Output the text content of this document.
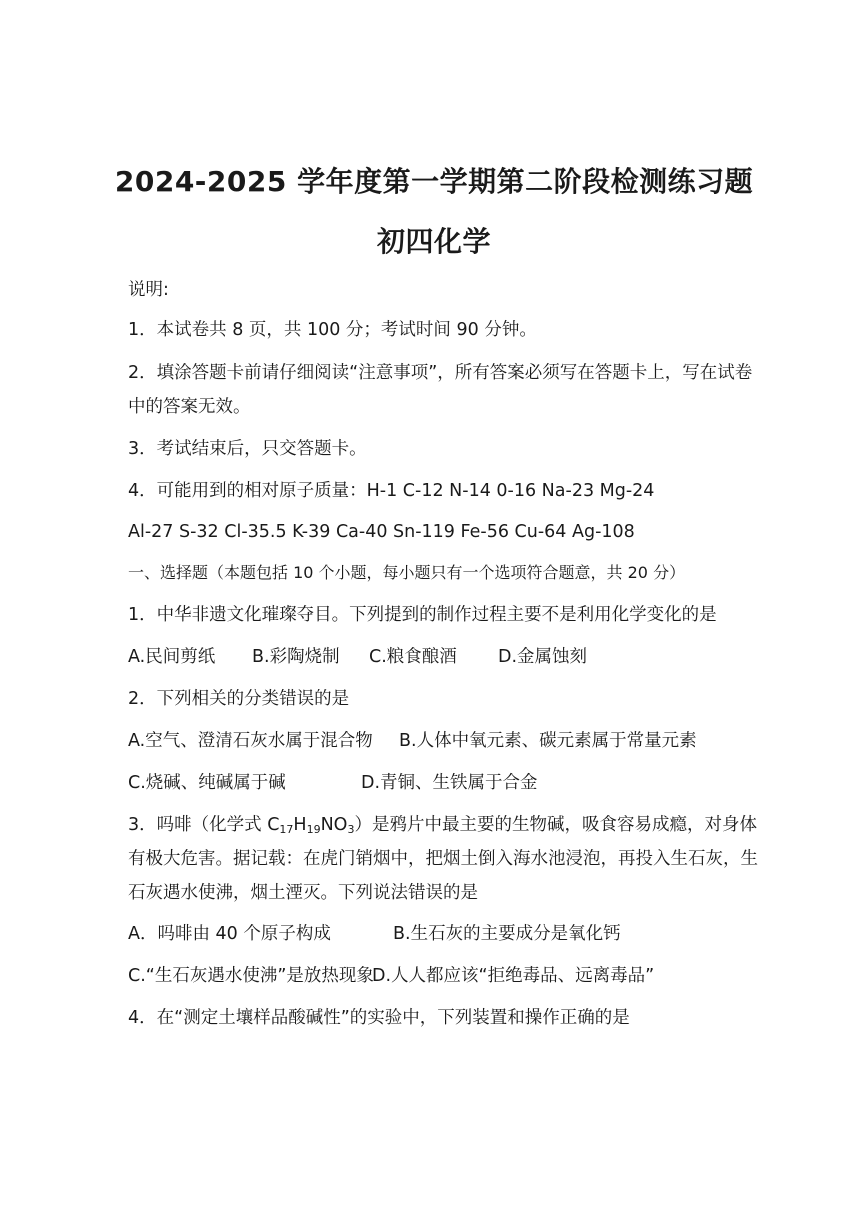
2024-2025 学年度第一学期第二阶段检测练习题
初四化学
说明:
1．本试卷共 8 页，共 100 分；考试时间 90 分钟。
2．填涂答题卡前请仔细阅读“注意事项”，所有答案必须写在答题卡上，写在试卷
中的答案无效。
3．考试结束后，只交答题卡。
4．可能用到的相对原子质量：H-1 C-12 N-14 0-16 Na-23 Mg-24
Al-27 S-32 Cl-35.5 K-39 Ca-40 Sn-119 Fe-56 Cu-64 Ag-108
一、选择题（本题包括 10 个小题，每小题只有一个选项符合题意，共 20 分）
1．中华非遗文化璀璨夺目。下列提到的制作过程主要不是利用化学变化的是
A.民间剪纸 B.彩陶烧制 C.粮食酿酒 D.金属蚀刻
2．下列相关的分类错误的是
A.空气、澄清石灰水属于混合物 B.人体中氧元素、碳元素属于常量元素
C.烧碱、纯碱属于碱	D.青铜、生铁属于合金
3．吗啡（化学式 $C_{17}H_{19}NO_3$）是鸦片中最主要的生物碱，吸食容易成瘾，对身体
有极大危害。据记载：在虎门销烟中，把烟土倒入海水池浸泡，再投入生石灰，生
石灰遇水使沸，烟土湮灭。下列说法错误的是
A．吗啡由 40 个原子构成	B.生石灰的主要成分是氧化钙
C.“生石灰遇水使沸”是放热现象D.人人都应该“拒绝毒品、远离毒品”
4．在“测定土壤样品酸碱性”的实验中，下列装置和操作正确的是
